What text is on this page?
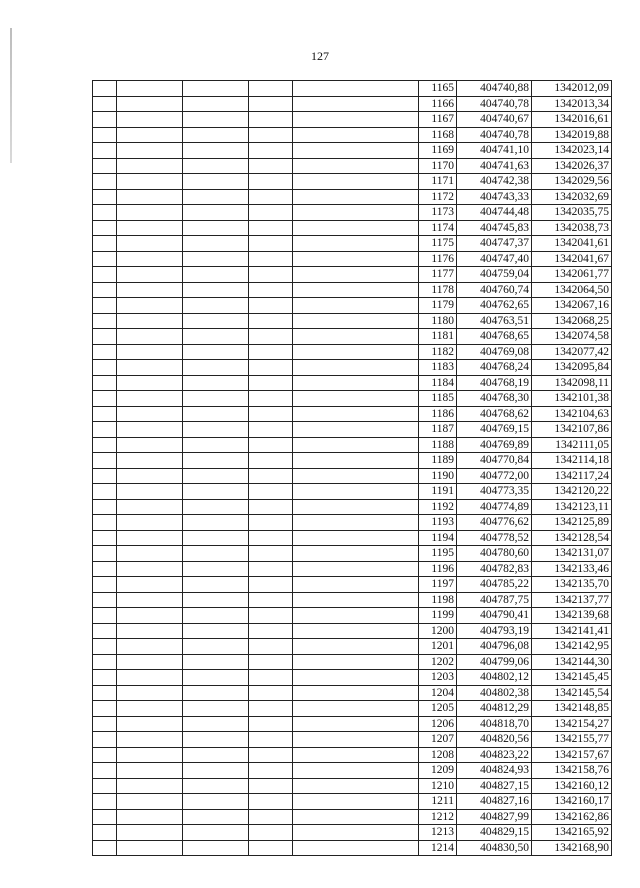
127
					1165	404740,88	1342012,09
					1166	404740,78	1342013,34
					1167	404740,67	1342016,61
					1168	404740,78	1342019,88
					1169	404741,10	1342023,14
					1170	404741,63	1342026,37
					1171	404742,38	1342029,56
					1172	404743,33	1342032,69
					1173	404744,48	1342035,75
					1174	404745,83	1342038,73
					1175	404747,37	1342041,61
					1176	404747,40	1342041,67
					1177	404759,04	1342061,77
					1178	404760,74	1342064,50
					1179	404762,65	1342067,16
					1180	404763,51	1342068,25
					1181	404768,65	1342074,58
					1182	404769,08	1342077,42
					1183	404768,24	1342095,84
					1184	404768,19	1342098,11
					1185	404768,30	1342101,38
					1186	404768,62	1342104,63
					1187	404769,15	1342107,86
					1188	404769,89	1342111,05
					1189	404770,84	1342114,18
					1190	404772,00	1342117,24
					1191	404773,35	1342120,22
					1192	404774,89	1342123,11
					1193	404776,62	1342125,89
					1194	404778,52	1342128,54
					1195	404780,60	1342131,07
					1196	404782,83	1342133,46
					1197	404785,22	1342135,70
					1198	404787,75	1342137,77
					1199	404790,41	1342139,68
					1200	404793,19	1342141,41
					1201	404796,08	1342142,95
					1202	404799,06	1342144,30
					1203	404802,12	1342145,45
					1204	404802,38	1342145,54
					1205	404812,29	1342148,85
					1206	404818,70	1342154,27
					1207	404820,56	1342155,77
					1208	404823,22	1342157,67
					1209	404824,93	1342158,76
					1210	404827,15	1342160,12
					1211	404827,16	1342160,17
					1212	404827,99	1342162,86
					1213	404829,15	1342165,92
					1214	404830,50	1342168,90
